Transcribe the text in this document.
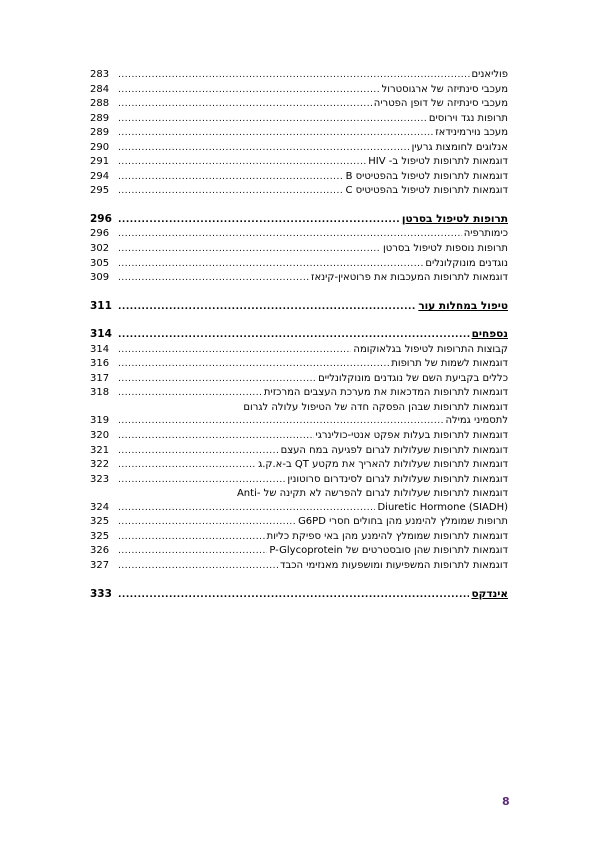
פוליאנים
.....
283
מעכבי סינתיזה של ארגוסטרול
.....
284
מעכבי סינתיזה של דופן הפטריה
.....
288
תרופות נגד וירוסים
.....
289
מעכב נוירמינידאז
.....
289
אנלוגים לחומצות גרעין
.....
290
דוגמאות לתרופות לטיפול ב- HIV
.....
291
דוגמאות לתרופות לטיפול בהפטיטיס B
.....
294
דוגמאות לתרופות לטיפול בהפטיטיס C
.....
295
תרופות לטיפול בסרטן
.....
296
כימותרפיה
.....
296
תרופות נוספות לטיפול בסרטן
.....
302
נוגדנים מונוקלונלים
.....
305
דוגמאות לתרופות המעכבות את פרוטאין-קינאז
.....
309
טיפול במחלות עור
.....
311
נספחים
.....
314
קבוצות התרופות לטיפול בגלאוקומה
.....
314
דוגמאות לשמות של תרופות
.....
316
כללים בקביעת השם של נוגדנים מונוקלונליים
.....
317
דוגמאות לתרופות המדכאות את מערכת העצבים המרכזית
.....
318
דוגמאות לתרופות שבהן הפסקה חדה של הטיפול עלולה לגרום
לתסמיני גמילה
.....
319
דוגמאות לתרופות בעלות אפקט אנטי-כולינרגי
.....
320
דוגמאות לתרופות שעלולות לגרום לפגיעה במח העצם
.....
321
דוגמאות לתרופות שעלולות להאריך את מקטע QT ב-א.ק.ג
.....
322
דוגמאות לתרופות שעלולות לגרום לסינדרום סרוטונין
.....
323
דוגמאות לתרופות שעלולות לגרום להפרשה לא תקינה של -Anti
(SIADH) Diuretic Hormone
.....
324
תרופות שמומלץ להימנע מהן בחולים חסרי G6PD
.....
325
דוגמאות לתרופות שמומלץ להימנע מהן באי ספיקת כליות
.....
325
דוגמאות לתרופות שהן סובסטרטים של P-Glycoprotein
.....
326
דוגמאות לתרופות המשפיעות ומושפעות מאנזימי הכבד
.....
327
אינדקס
.....
333
8
